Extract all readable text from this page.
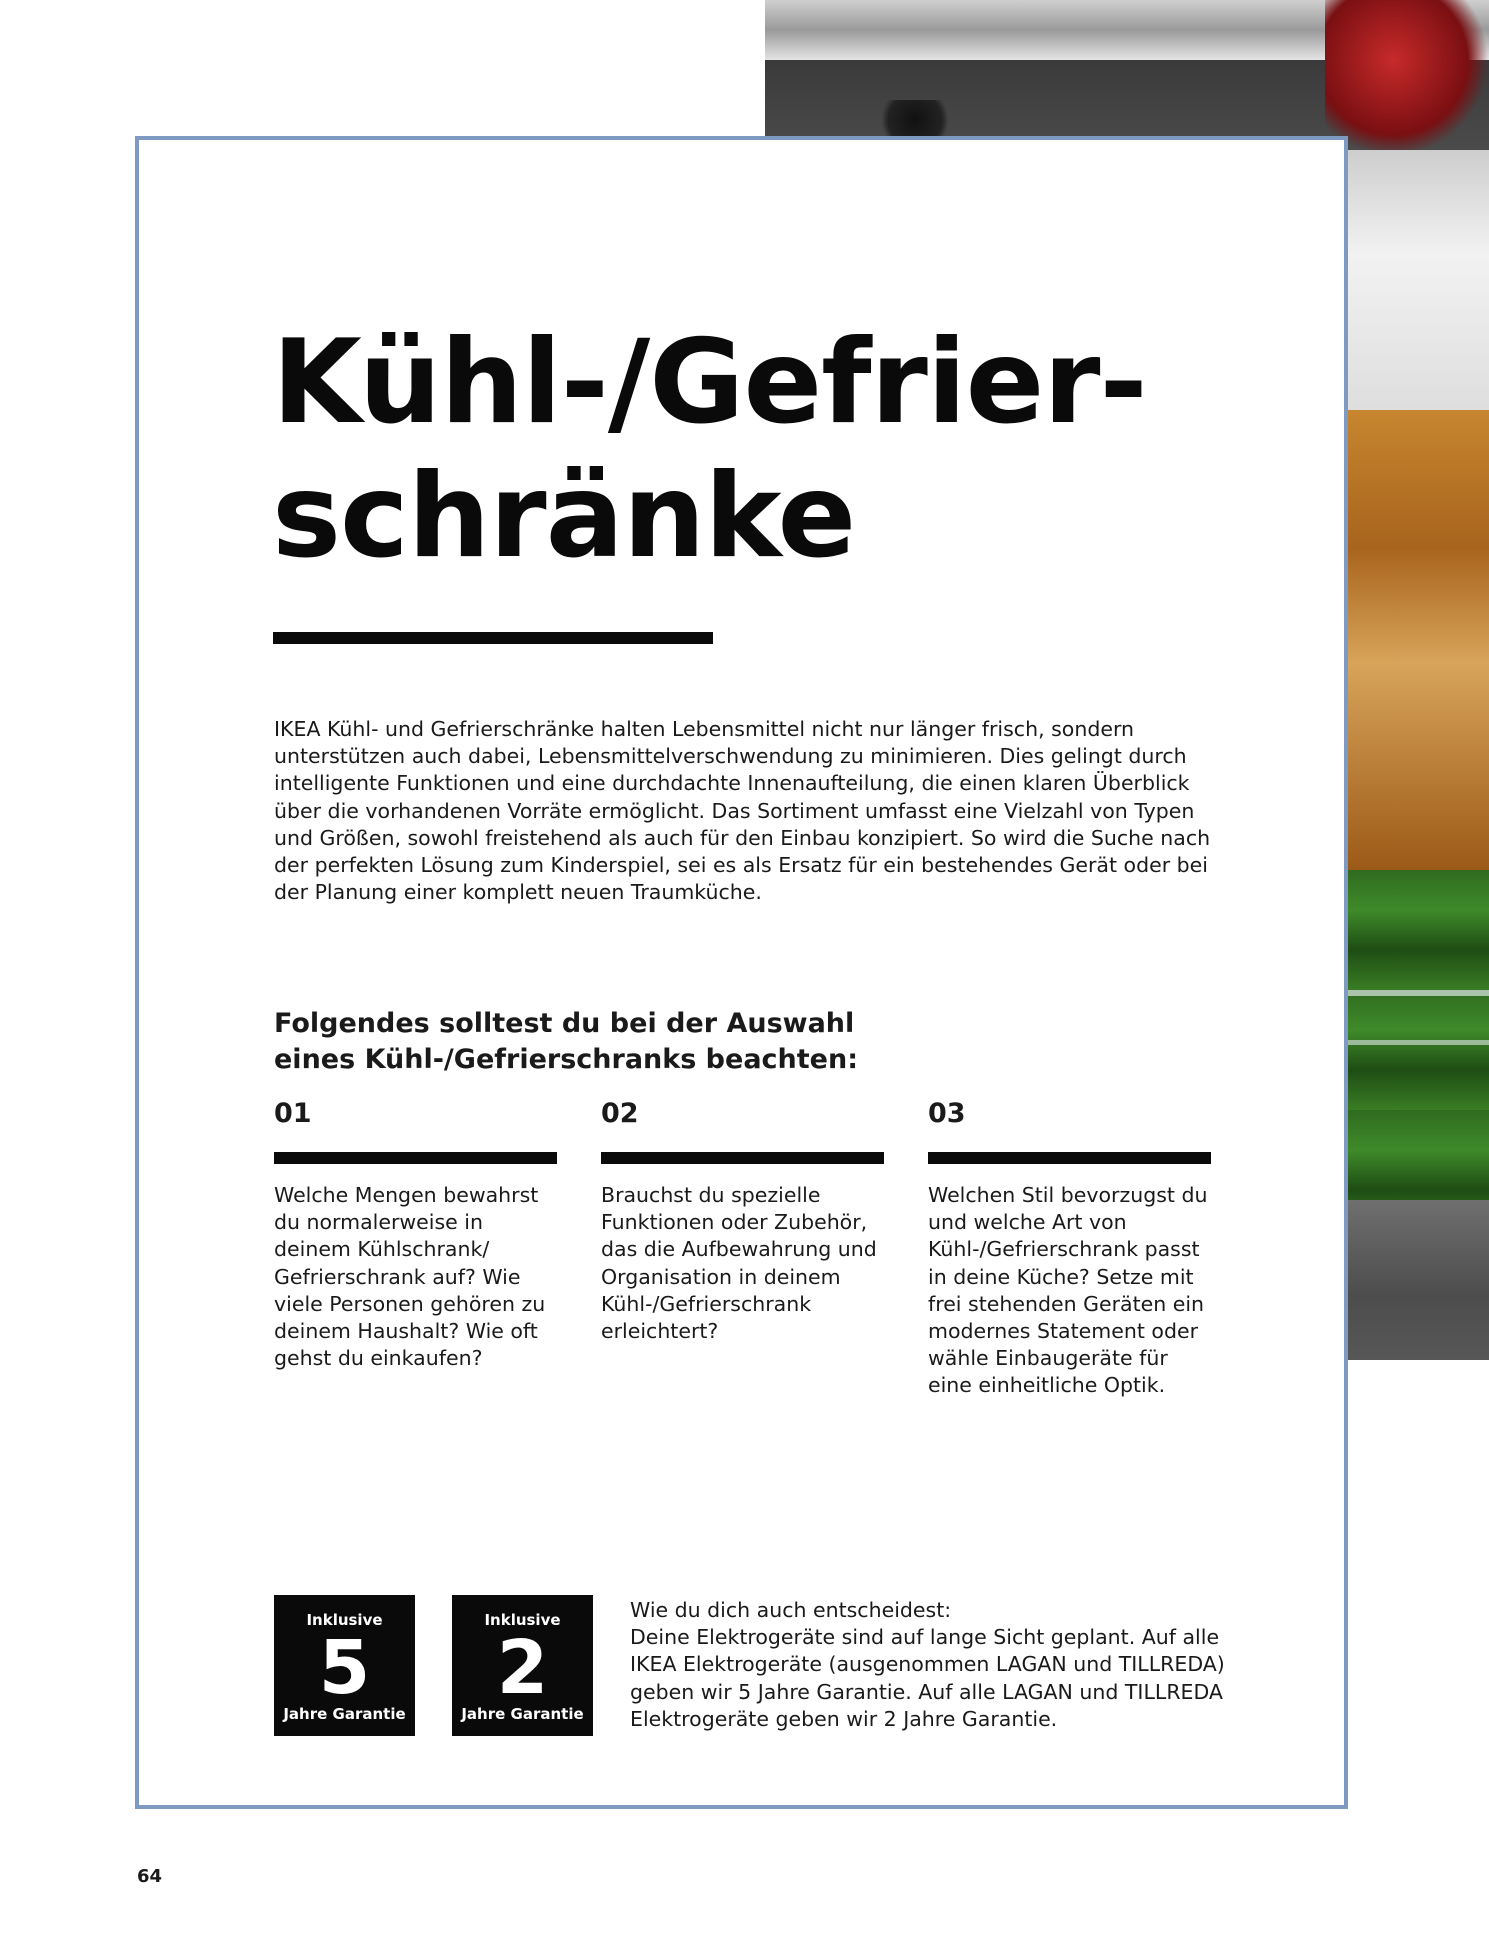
Kühl-/Gefrier-
schränke

IKEA Kühl- und Gefrierschränke halten Lebensmittel nicht nur länger frisch, sondern unterstützen auch dabei, Lebensmittelverschwendung zu minimieren. Dies gelingt durch intelligente Funktionen und eine durchdachte Innenaufteilung, die einen klaren Überblick über die vorhandenen Vorräte ermöglicht. Das Sortiment umfasst eine Vielzahl von Typen und Größen, sowohl freistehend als auch für den Einbau konzipiert. So wird die Suche nach der perfekten Lösung zum Kinderspiel, sei es als Ersatz für ein bestehendes Gerät oder bei der Planung einer komplett neuen Traumküche.

Folgendes solltest du bei der Auswahl
eines Kühl-/Gefrierschranks beachten:

01

Welche Mengen bewahrst du normalerweise in deinem Kühlschrank/ Gefrierschrank auf? Wie viele Personen gehören zu deinem Haushalt? Wie oft gehst du einkaufen?

02

Brauchst du spezielle Funktionen oder Zubehör, das die Aufbewahrung und Organisation in deinem Kühl-/Gefrierschrank erleichtert?

03

Welchen Stil bevorzugst du und welche Art von Kühl-/Gefrierschrank passt in deine Küche? Setze mit frei stehenden Geräten ein modernes Statement oder wähle Einbaugeräte für eine einheitliche Optik.

Inklusive
5
Jahre Garantie
Inklusive
2
Jahre Garantie

Wie du dich auch entscheidest:
Deine Elektrogeräte sind auf lange Sicht geplant. Auf alle IKEA Elektrogeräte (ausgenommen LAGAN und TILLREDA) geben wir 5 Jahre Garantie. Auf alle LAGAN und TILLREDA Elektrogeräte geben wir 2 Jahre Garantie.

64
